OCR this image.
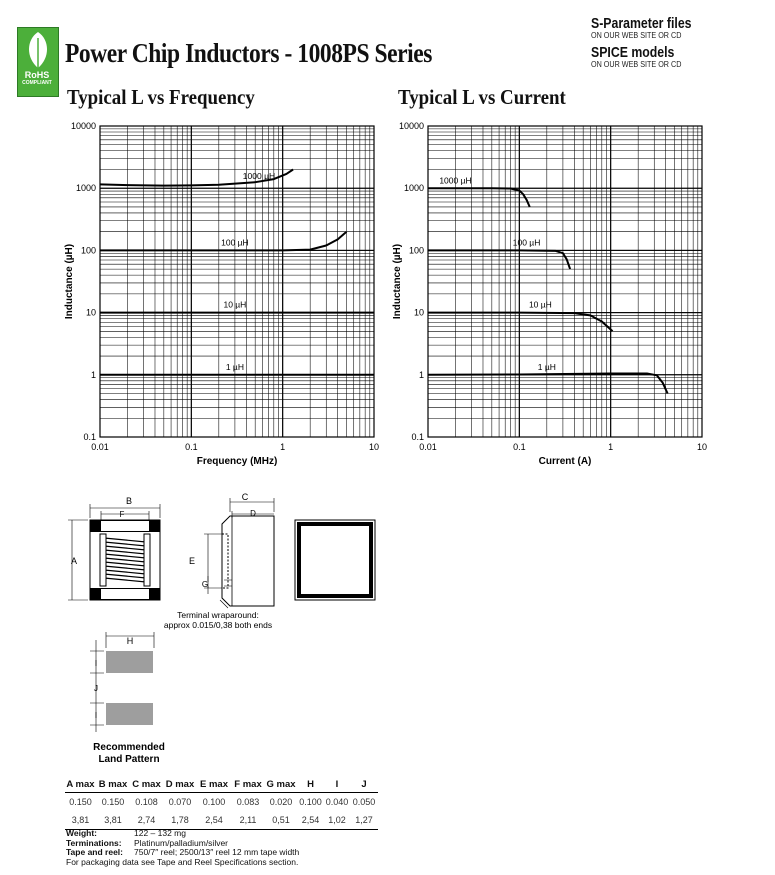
RoHS
COMPLIANT
Power Chip Inductors - 1008PS Series
S-Parameter files
ON OUR WEB SITE OR CD
SPICE models
ON OUR WEB SITE OR CD
Typical L vs Frequency	Typical L vs Current
0.1
1
10
100
1000
10000
0.01	0.1	1	10
Frequency (MHz)
Inductance (µH)
1000 µH
100 µH
10 µH
1 µH
0.1
1
10
100
1000
10000
0.01	0.1	1	10
Current (A)
Inductance (µH)
1000 µH
100 µH
10 µH
1 µH
B
F
A
C
D
E
G
Terminal wraparound:
approx 0.015/0,38 both ends
H
I
J
I
Recommended
Land Pattern
A max	B max	C max	D max	E max	F max	G max	H	I	J
0.150	0.150	0.108	0.070	0.100	0.083	0.020	0.100	0.040	0.050
3,81	3,81	2,74	1,78	2,54	2,11	0,51	2,54	1,02	1,27
Weight:	122 – 132 mg
Terminations: Platinum/palladium/silver
Tape and reel: 750/7″ reel; 2500/13″ reel 12 mm tape width
For packaging data see Tape and Reel Specifications section.
